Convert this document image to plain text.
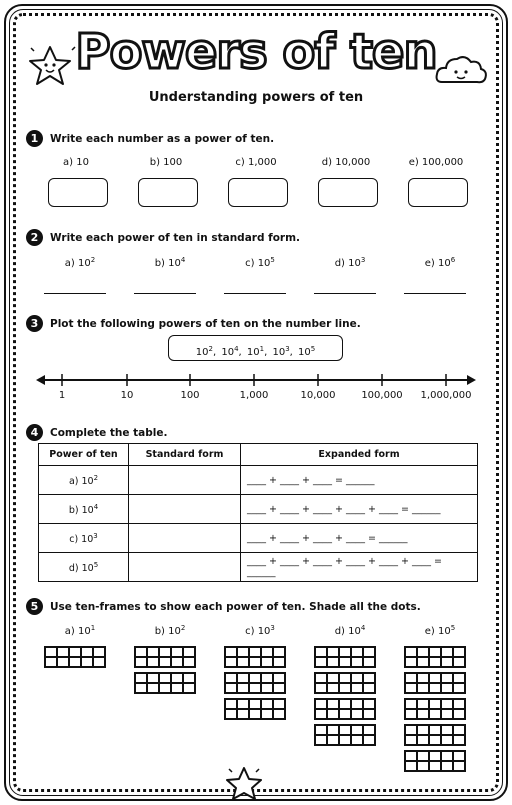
Powers of ten
Understanding powers of ten
1	Write each number as a power of ten.
a) 10	b) 100	c) 1,000	d) 10,000	e) 100,000
2	Write each power of ten in standard form.
a) $10^2$	b) $10^4$	c) $10^5$	d) $10^3$	e) $10^6$
3	Plot the following powers of ten on the number line.
$10^2$, $10^4$, $10^1$, $10^3$, $10^5$
1	10	100	1,000	10,000	100,000	1,000,000
4	Complete the table.
Power of ten	Standard form	Expanded form
a) $10^2$		____ + ____ + ____ = ______
b) $10^4$		____ + ____ + ____ + ____ + ____ = ______
c) $10^3$		____ + ____ + ____ + ____ = ______
d) $10^5$		____ + ____ + ____ + ____ + ____ + ____ = ______
5	Use ten-frames to show each power of ten. Shade all the dots.
a) $10^1$	b) $10^2$	c) $10^3$	d) $10^4$	e) $10^5$
